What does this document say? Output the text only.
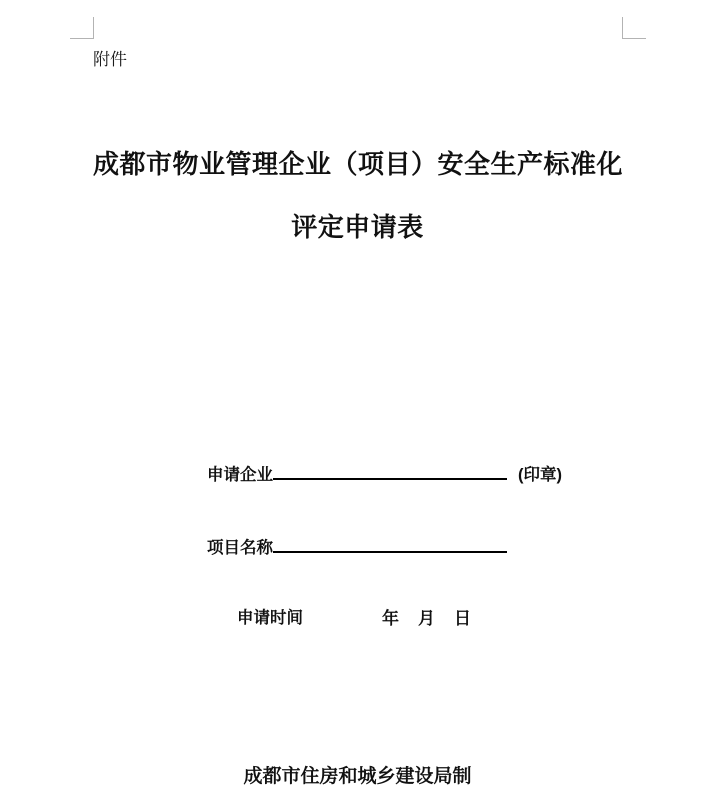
附件
成都市物业管理企业（项目）安全生产标准化
评定申请表
申请企业	(印章)
项目名称
申请时间	年 月 日
成都市住房和城乡建设局制
